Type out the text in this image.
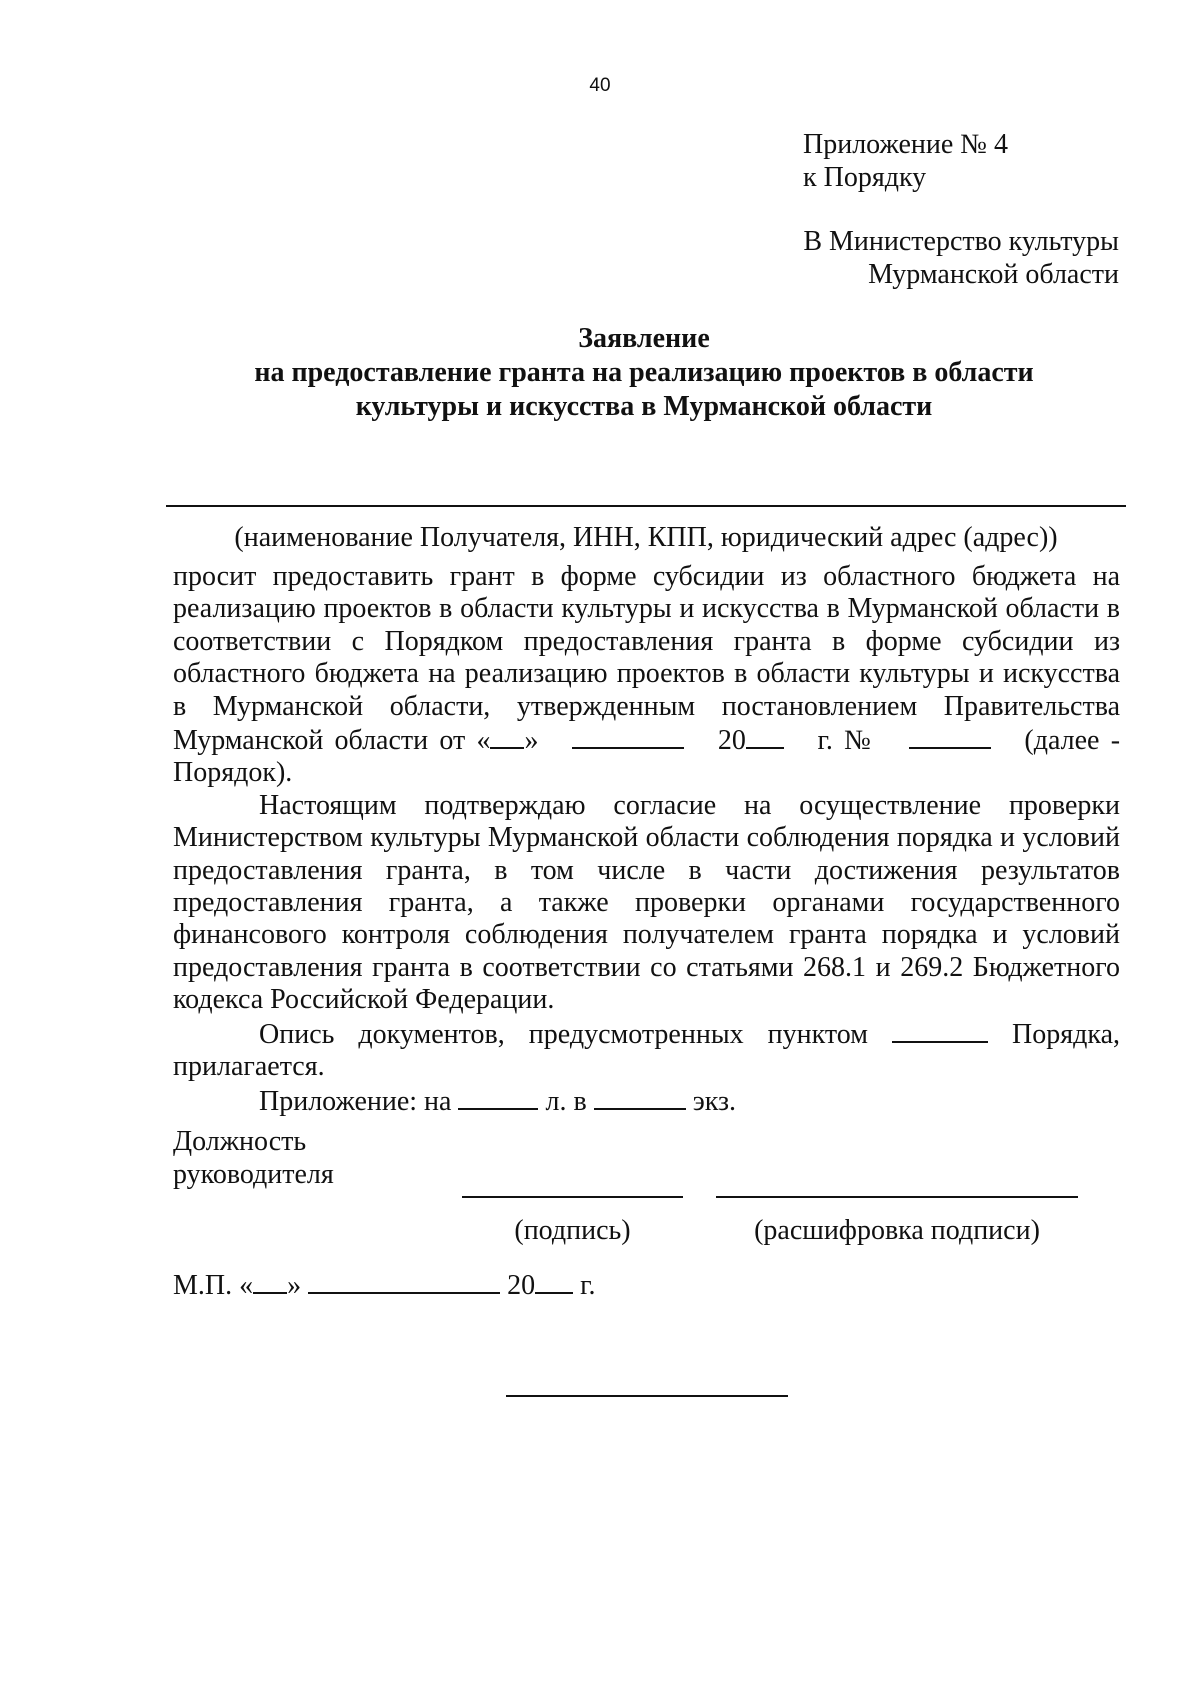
40
Приложение № 4
к Порядку
В Министерство культуры
Мурманской области
Заявление
на предоставление гранта на реализацию проектов в области
культуры и искусства в Мурманской области
(наименование Получателя, ИНН, КПП, юридический адрес (адрес))

просит предоставить грант в форме субсидии из областного бюджета на реализацию проектов в области культуры и искусства в Мурманской области в соответствии с Порядком предоставления гранта в форме субсидии из областного бюджета на реализацию проектов в области культуры и искусства в Мурманской области, утвержденным постановлением Правительства Мурманской области от « »	20	г. №	(далее - Порядок).

Настоящим подтверждаю согласие на осуществление проверки Министерством культуры Мурманской области соблюдения порядка и условий предоставления гранта, в том числе в части достижения результатов предоставления гранта, а также проверки органами государственного финансового контроля соблюдения получателем гранта порядка и условий предоставления гранта в соответствии со статьями 268.1 и 269.2 Бюджетного кодекса Российской Федерации.

Опись документов, предусмотренных пунктом	Порядка, прилагается.

Приложение: на	л. в	экз.

Должность
руководителя
(подпись)	(расшифровка подписи)
М.П. « »	20 г.
